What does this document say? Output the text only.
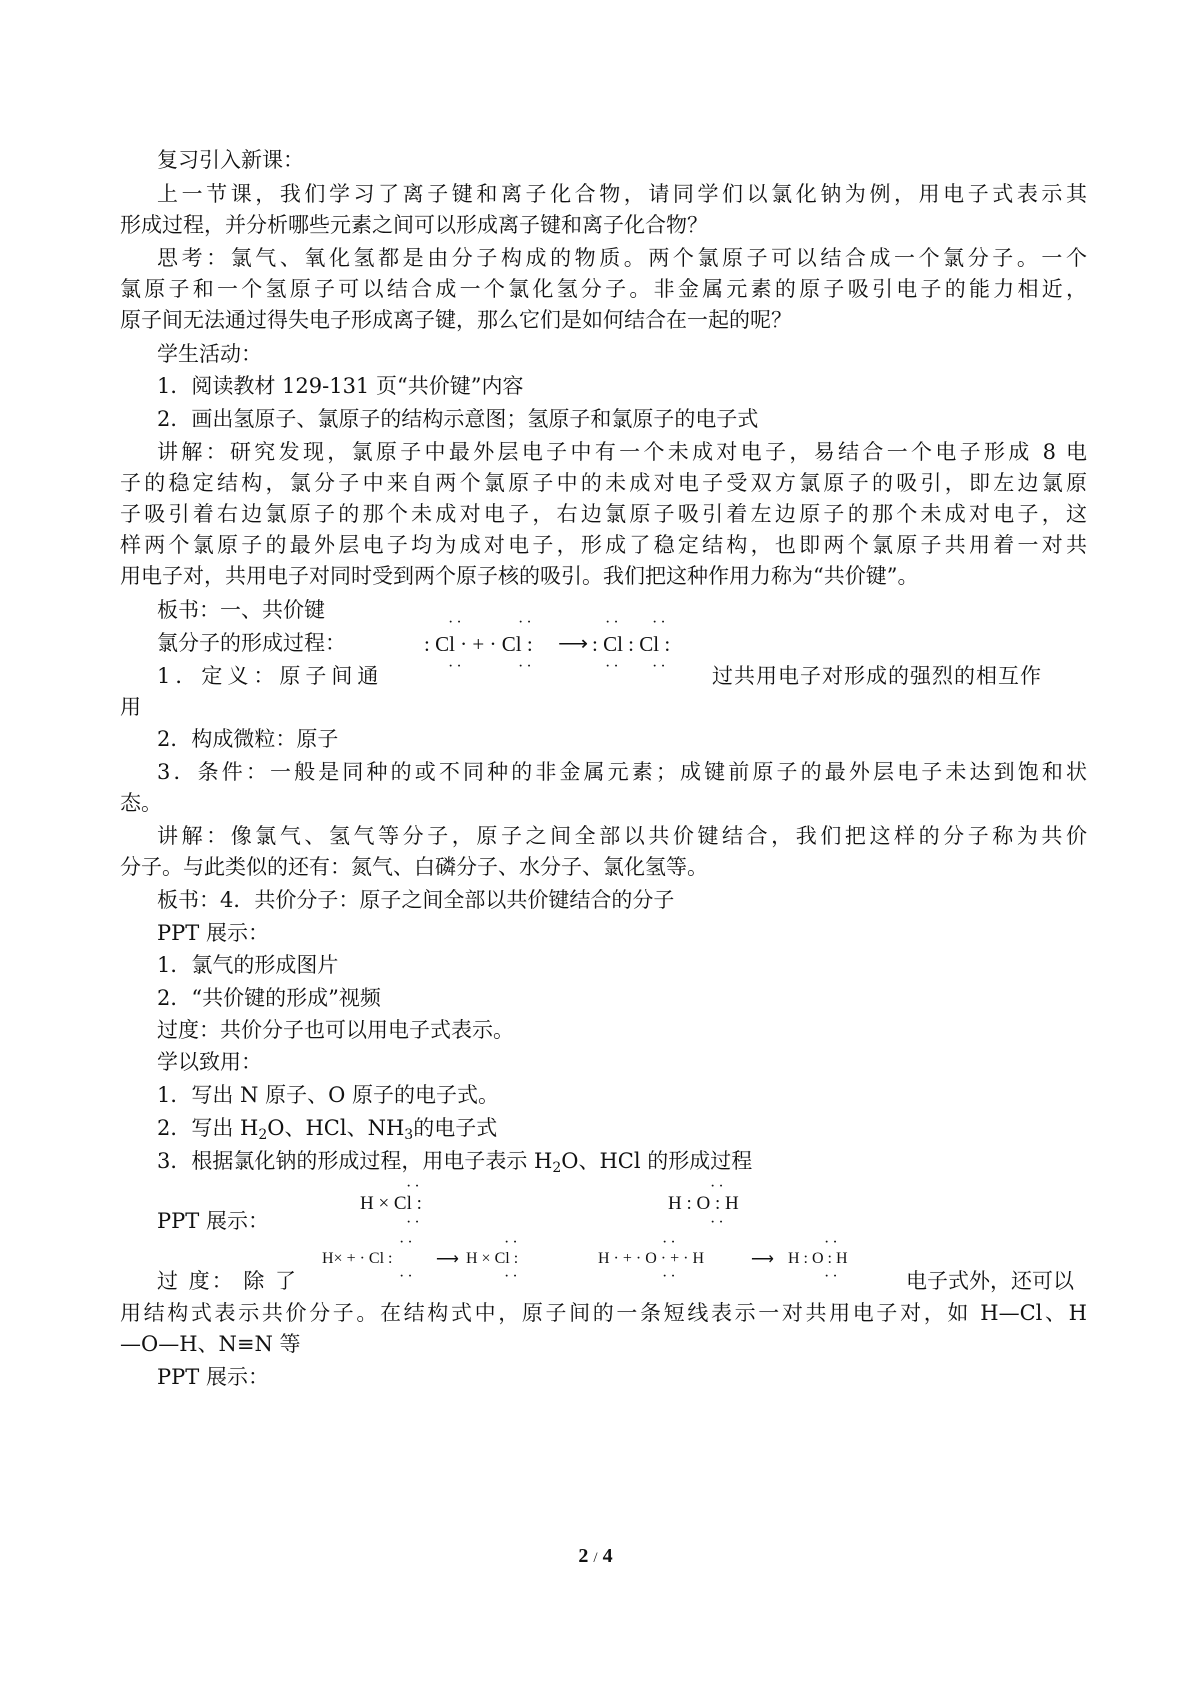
复习引入新课：
上一节课，我们学习了离子键和离子化合物，请同学们以氯化钠为例，用电子式表示其
形成过程，并分析哪些元素之间可以形成离子键和离子化合物？
思考：氯气、氧化氢都是由分子构成的物质。两个氯原子可以结合成一个氯分子。一个
氯原子和一个氢原子可以结合成一个氯化氢分子。非金属元素的原子吸引电子的能力相近，
原子间无法通过得失电子形成离子键，那么它们是如何结合在一起的呢？
学生活动：
1．阅读教材 129-131 页“共价键”内容
2．画出氢原子、氯原子的结构示意图；氢原子和氯原子的电子式
讲解：研究发现，氯原子中最外层电子中有一个未成对电子，易结合一个电子形成 8 电
子的稳定结构，氯分子中来自两个氯原子中的未成对电子受双方氯原子的吸引，即左边氯原
子吸引着右边氯原子的那个未成对电子，右边氯原子吸引着左边原子的那个未成对电子，这
样两个氯原子的最外层电子均为成对电子，形成了稳定结构，也即两个氯原子共用着一对共
用电子对，共用电子对同时受到两个原子核的吸引。我们把这种作用力称为“共价键”。
板书：一、共价键
氯分子的形成过程：
··	··	·· ··
: Cl · + · Cl : ⟶ : Cl : Cl :
··	··	·· ··
1．定义：原子间通	过共用电子对形成的强烈的相互作
用
2．构成微粒：原子
3．条件：一般是同种的或不同种的非金属元素；成键前原子的最外层电子未达到饱和状
态。
讲解：像氯气、氢气等分子，原子之间全部以共价键结合，我们把这样的分子称为共价
分子。与此类似的还有：氮气、白磷分子、水分子、氯化氢等。
板书：4．共价分子：原子之间全部以共价键结合的分子
PPT 展示：
1．氯气的形成图片
2．“共价键的形成”视频
过度：共价分子也可以用电子式表示。
学以致用：
1．写出 N 原子、O 原子的电子式。
2．写出 $H_2O$、HCl、$NH_3$的电子式
3．根据氯化钠的形成过程，用电子表示 $H_2O$、HCl 的形成过程
PPT 展示：
··
H × Cl :
··
··
H : O : H
··
过 度： 除 了
··	··
H× + · Cl :	⟶ H × Cl :
··	··
··	··
H · + · O · + · H	⟶ H : O : H
··	··	电子式外，还可以
用结构式表示共价分子。在结构式中，原子间的一条短线表示一对共用电子对，如 H—Cl、H
—O—H、N≡N 等
PPT 展示：
2 / 4
